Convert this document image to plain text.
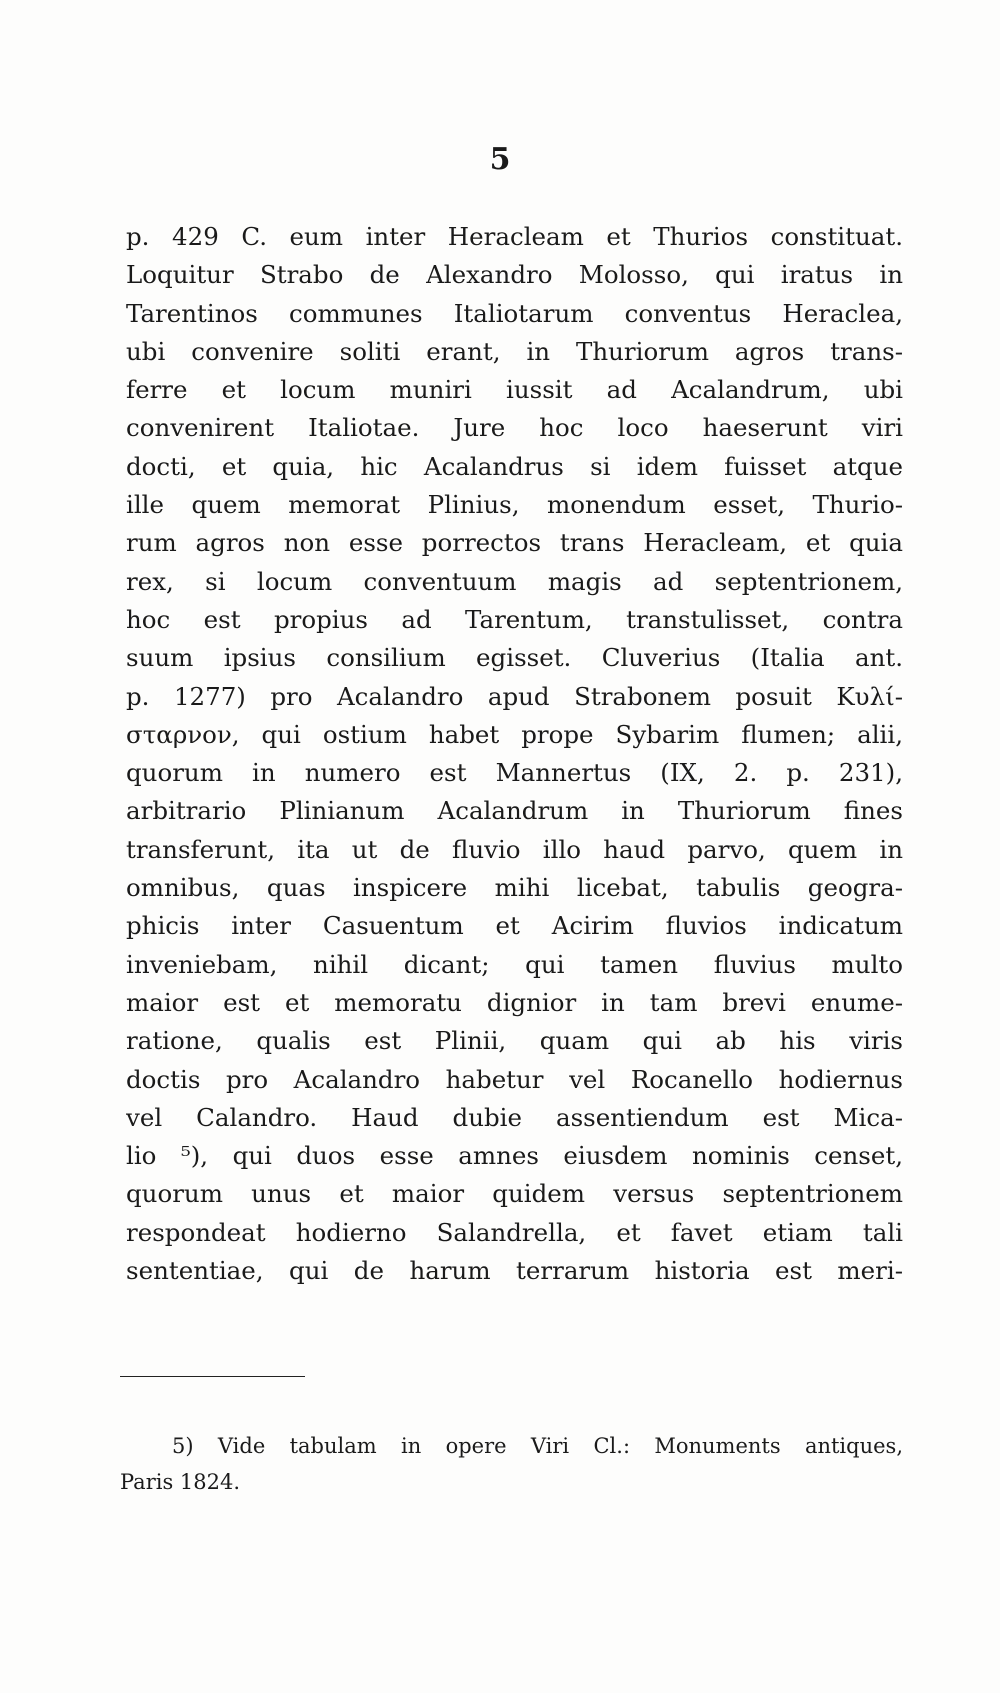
5
p. 429 C. eum inter Heracleam et Thurios constituat.
Loquitur Strabo de Alexandro Molosso, qui iratus in
Tarentinos communes Italiotarum conventus Heraclea,
ubi convenire soliti erant, in Thuriorum agros trans-
ferre et locum muniri iussit ad Acalandrum, ubi
convenirent Italiotae. Jure hoc loco haeserunt viri
docti, et quia, hic Acalandrus si idem fuisset atque
ille quem memorat Plinius, monendum esset, Thurio-
rum agros non esse porrectos trans Heracleam, et quia
rex, si locum conventuum magis ad septentrionem,
hoc est propius ad Tarentum, transtulisset, contra
suum ipsius consilium egisset. Cluverius (Italia ant.
p. 1277) pro Acalandro apud Strabonem posuit Κυλί-
σταρνον, qui ostium habet prope Sybarim flumen; alii,
quorum in numero est Mannertus (IX, 2. p. 231),
arbitrario Plinianum Acalandrum in Thuriorum fines
transferunt, ita ut de fluvio illo haud parvo, quem in
omnibus, quas inspicere mihi licebat, tabulis geogra-
phicis inter Casuentum et Acirim fluvios indicatum
inveniebam, nihil dicant; qui tamen fluvius multo
maior est et memoratu dignior in tam brevi enume-
ratione, qualis est Plinii, quam qui ab his viris
doctis pro Acalandro habetur vel Rocanello hodiernus
vel Calandro. Haud dubie assentiendum est Mica-
lio ⁵), qui duos esse amnes eiusdem nominis censet,
quorum unus et maior quidem versus septentrionem
respondeat hodierno Salandrella, et favet etiam tali
sententiae, qui de harum terrarum historia est meri-
5) Vide tabulam in opere Viri Cl.: Monuments antiques,
Paris 1824.
